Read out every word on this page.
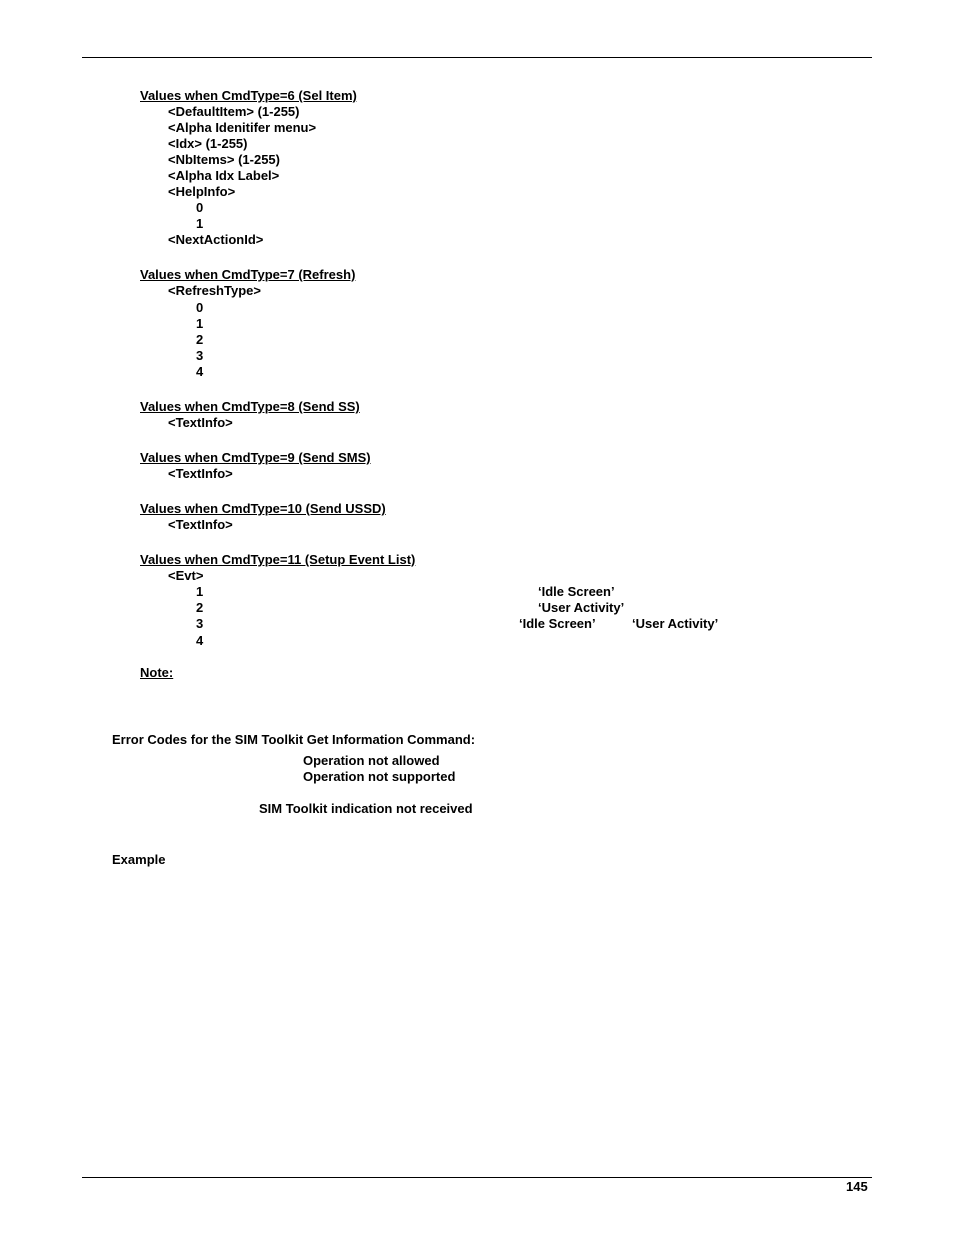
Values when CmdType=6 (Sel Item)

<DefaultItem> (1-255)

<Alpha Idenitifer menu>

<Idx> (1-255)

<NbItems> (1-255)

<Alpha Idx Label>

<HelpInfo>

0

1

<NextActionId>

Values when CmdType=7 (Refresh)

<RefreshType>

0

1

2

3

4

Values when CmdType=8 (Send SS)

<TextInfo>

Values when CmdType=9 (Send SMS)

<TextInfo>

Values when CmdType=10 (Send USSD)

<TextInfo>

Values when CmdType=11 (Setup Event List)

<Evt>

1	‘Idle Screen’

2	‘User Activity’

3	‘Idle Screen’	‘User Activity’

4

Note:

Error Codes for the SIM Toolkit Get Information Command:

Operation not allowed

Operation not supported

SIM Toolkit indication not received

Example

145
